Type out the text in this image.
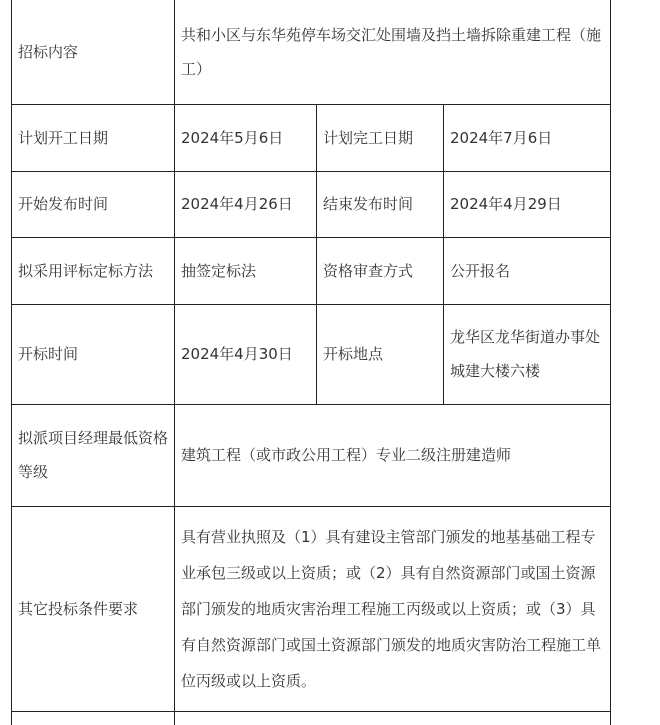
招标内容	共和小区与东华苑停车场交汇处围墙及挡土墙拆除重建工程（施工）		
计划开工日期	2024年5月6日	计划完工日期	2024年7月6日
开始发布时间	2024年4月26日	结束发布时间	2024年4月29日
拟采用评标定标方法	抽签定标法	资格审查方式	公开报名
开标时间	2024年4月30日	开标地点	龙华区龙华街道办事处城建大楼六楼
拟派项目经理最低资格等级	建筑工程（或市政公用工程）专业二级注册建造师		
其它投标条件要求	具有营业执照及（1）具有建设主管部门颁发的地基基础工程专业承包三级或以上资质；或（2）具有自然资源部门或国土资源部门颁发的地质灾害治理工程施工丙级或以上资质；或（3）具有自然资源部门或国土资源部门颁发的地质灾害防治工程施工单位丙级或以上资质。		
